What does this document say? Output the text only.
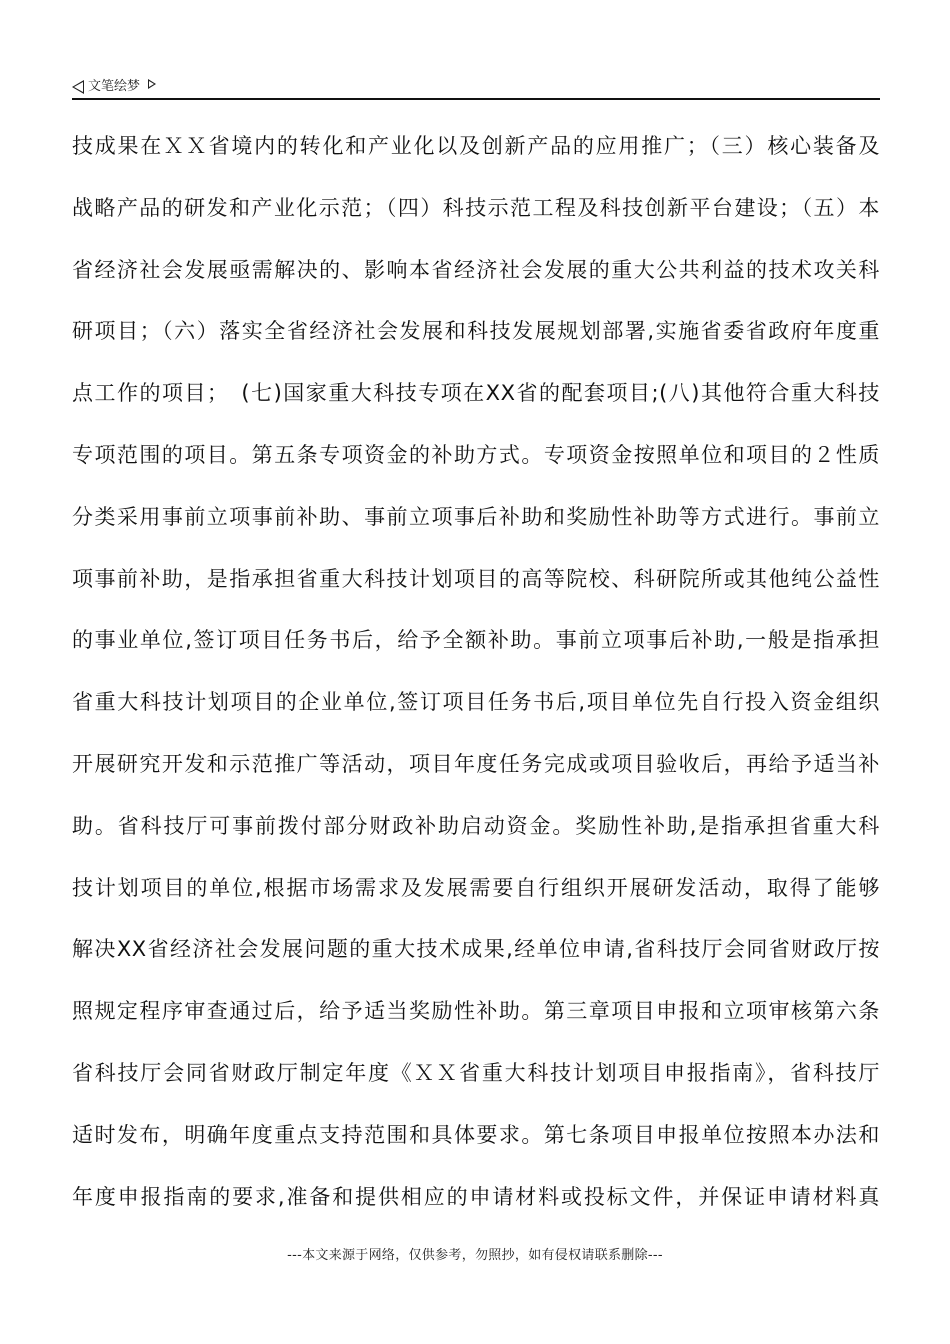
文笔绘梦
技成果在ＸＸ省境内的转化和产业化以及创新产品的应用推广；（三）核心装备及
战略产品的研发和产业化示范；（四）科技示范工程及科技创新平台建设；（五）本
省经济社会发展亟需解决的、影响本省经济社会发展的重大公共利益的技术攻关科
研项目；（六）落实全省经济社会发展和科技发展规划部署,实施省委省政府年度重
点工作的项目；　(七)国家重大科技专项在XX省的配套项目;(八)其他符合重大科技
专项范围的项目。第五条专项资金的补助方式。专项资金按照单位和项目的２性质
分类采用事前立项事前补助、事前立项事后补助和奖励性补助等方式进行。事前立
项事前补助，是指承担省重大科技计划项目的高等院校、科研院所或其他纯公益性
的事业单位,签订项目任务书后，给予全额补助。事前立项事后补助,一般是指承担
省重大科技计划项目的企业单位,签订项目任务书后,项目单位先自行投入资金组织
开展研究开发和示范推广等活动，项目年度任务完成或项目验收后，再给予适当补
助。省科技厅可事前拨付部分财政补助启动资金。奖励性补助,是指承担省重大科
技计划项目的单位,根据市场需求及发展需要自行组织开展研发活动，取得了能够
解决XX省经济社会发展问题的重大技术成果,经单位申请,省科技厅会同省财政厅按
照规定程序审查通过后，给予适当奖励性补助。第三章项目申报和立项审核第六条
省科技厅会同省财政厅制定年度《ＸＸ省重大科技计划项目申报指南》，省科技厅
适时发布，明确年度重点支持范围和具体要求。第七条项目申报单位按照本办法和
年度申报指南的要求,准备和提供相应的申请材料或投标文件，并保证申请材料真
---本文来源于网络，仅供参考，勿照抄，如有侵权请联系删除---
